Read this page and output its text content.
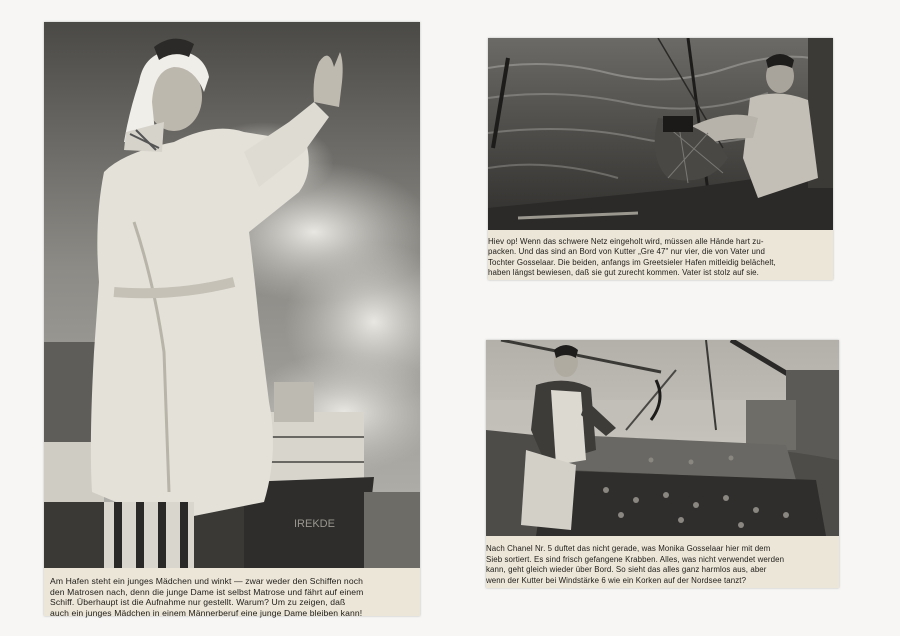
IREKDE

Am Hafen steht ein junges Mädchen und winkt — zwar weder den Schiffen noch

den Matrosen nach, denn die junge Dame ist selbst Matrose und fährt auf einem

Schiff. Überhaupt ist die Aufnahme nur gestellt. Warum? Um zu zeigen, daß

auch ein junges Mädchen in einem Männerberuf eine junge Dame bleiben kann!

Hiev op! Wenn das schwere Netz eingeholt wird, müssen alle Hände hart zu-

packen. Und das sind an Bord von Kutter „Gre 47" nur vier, die von Vater und

Tochter Gosselaar. Die beiden, anfangs im Greetsieler Hafen mitleidig belächelt,

haben längst bewiesen, daß sie gut zurecht kommen. Vater ist stolz auf sie.

Nach Chanel Nr. 5 duftet das nicht gerade, was Monika Gosselaar hier mit dem

Sieb sortiert. Es sind frisch gefangene Krabben. Alles, was nicht verwendet werden

kann, geht gleich wieder über Bord. So sieht das alles ganz harmlos aus, aber

wenn der Kutter bei Windstärke 6 wie ein Korken auf der Nordsee tanzt?
